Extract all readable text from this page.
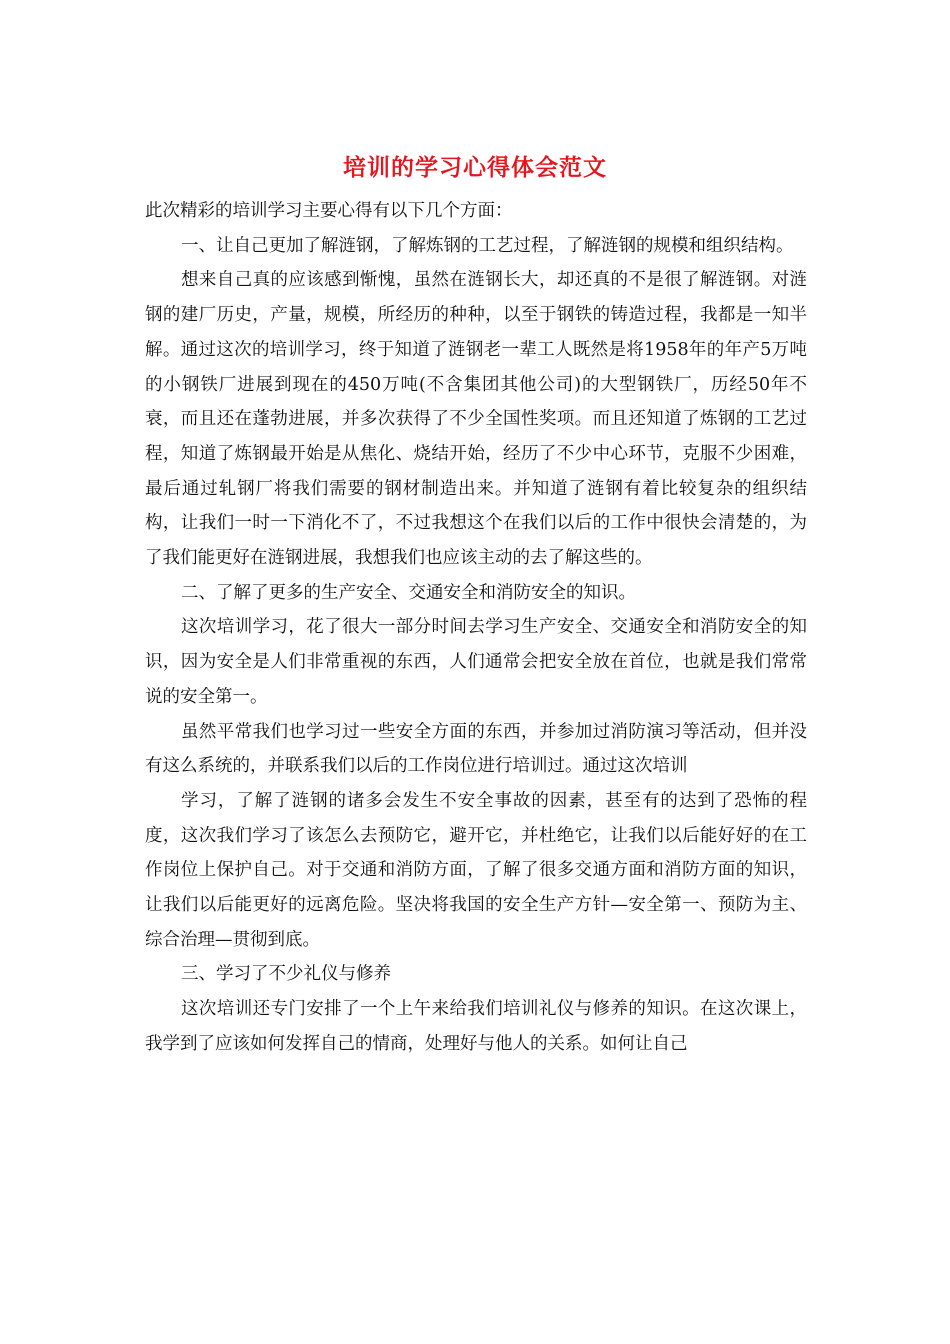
培训的学习心得体会范文

此次精彩的培训学习主要心得有以下几个方面：

一、让自己更加了解涟钢，了解炼钢的工艺过程，了解涟钢的规模和组织结构。

想来自己真的应该感到惭愧，虽然在涟钢长大，却还真的不是很了解涟钢。对涟钢的建厂历史，产量，规模，所经历的种种，以至于钢铁的铸造过程，我都是一知半解。通过这次的培训学习，终于知道了涟钢老一辈工人既然是将1958年的年产5万吨的小钢铁厂进展到现在的450万吨(不含集团其他公司)的大型钢铁厂，历经50年不衰，而且还在蓬勃进展，并多次获得了不少全国性奖项。而且还知道了炼钢的工艺过程，知道了炼钢最开始是从焦化、烧结开始，经历了不少中心环节，克服不少困难，最后通过轧钢厂将我们需要的钢材制造出来。并知道了涟钢有着比较复杂的组织结构，让我们一时一下消化不了，不过我想这个在我们以后的工作中很快会清楚的，为了我们能更好在涟钢进展，我想我们也应该主动的去了解这些的。

二、了解了更多的生产安全、交通安全和消防安全的知识。

这次培训学习，花了很大一部分时间去学习生产安全、交通安全和消防安全的知识，因为安全是人们非常重视的东西，人们通常会把安全放在首位，也就是我们常常说的安全第一。

虽然平常我们也学习过一些安全方面的东西，并参加过消防演习等活动，但并没有这么系统的，并联系我们以后的工作岗位进行培训过。通过这次培训

学习，了解了涟钢的诸多会发生不安全事故的因素，甚至有的达到了恐怖的程度，这次我们学习了该怎么去预防它，避开它，并杜绝它，让我们以后能好好的在工作岗位上保护自己。对于交通和消防方面，了解了很多交通方面和消防方面的知识，让我们以后能更好的远离危险。坚决将我国的安全生产方针—安全第一、预防为主、综合治理—贯彻到底。

三、学习了不少礼仪与修养

这次培训还专门安排了一个上午来给我们培训礼仪与修养的知识。在这次课上，我学到了应该如何发挥自己的情商，处理好与他人的关系。如何让自己
